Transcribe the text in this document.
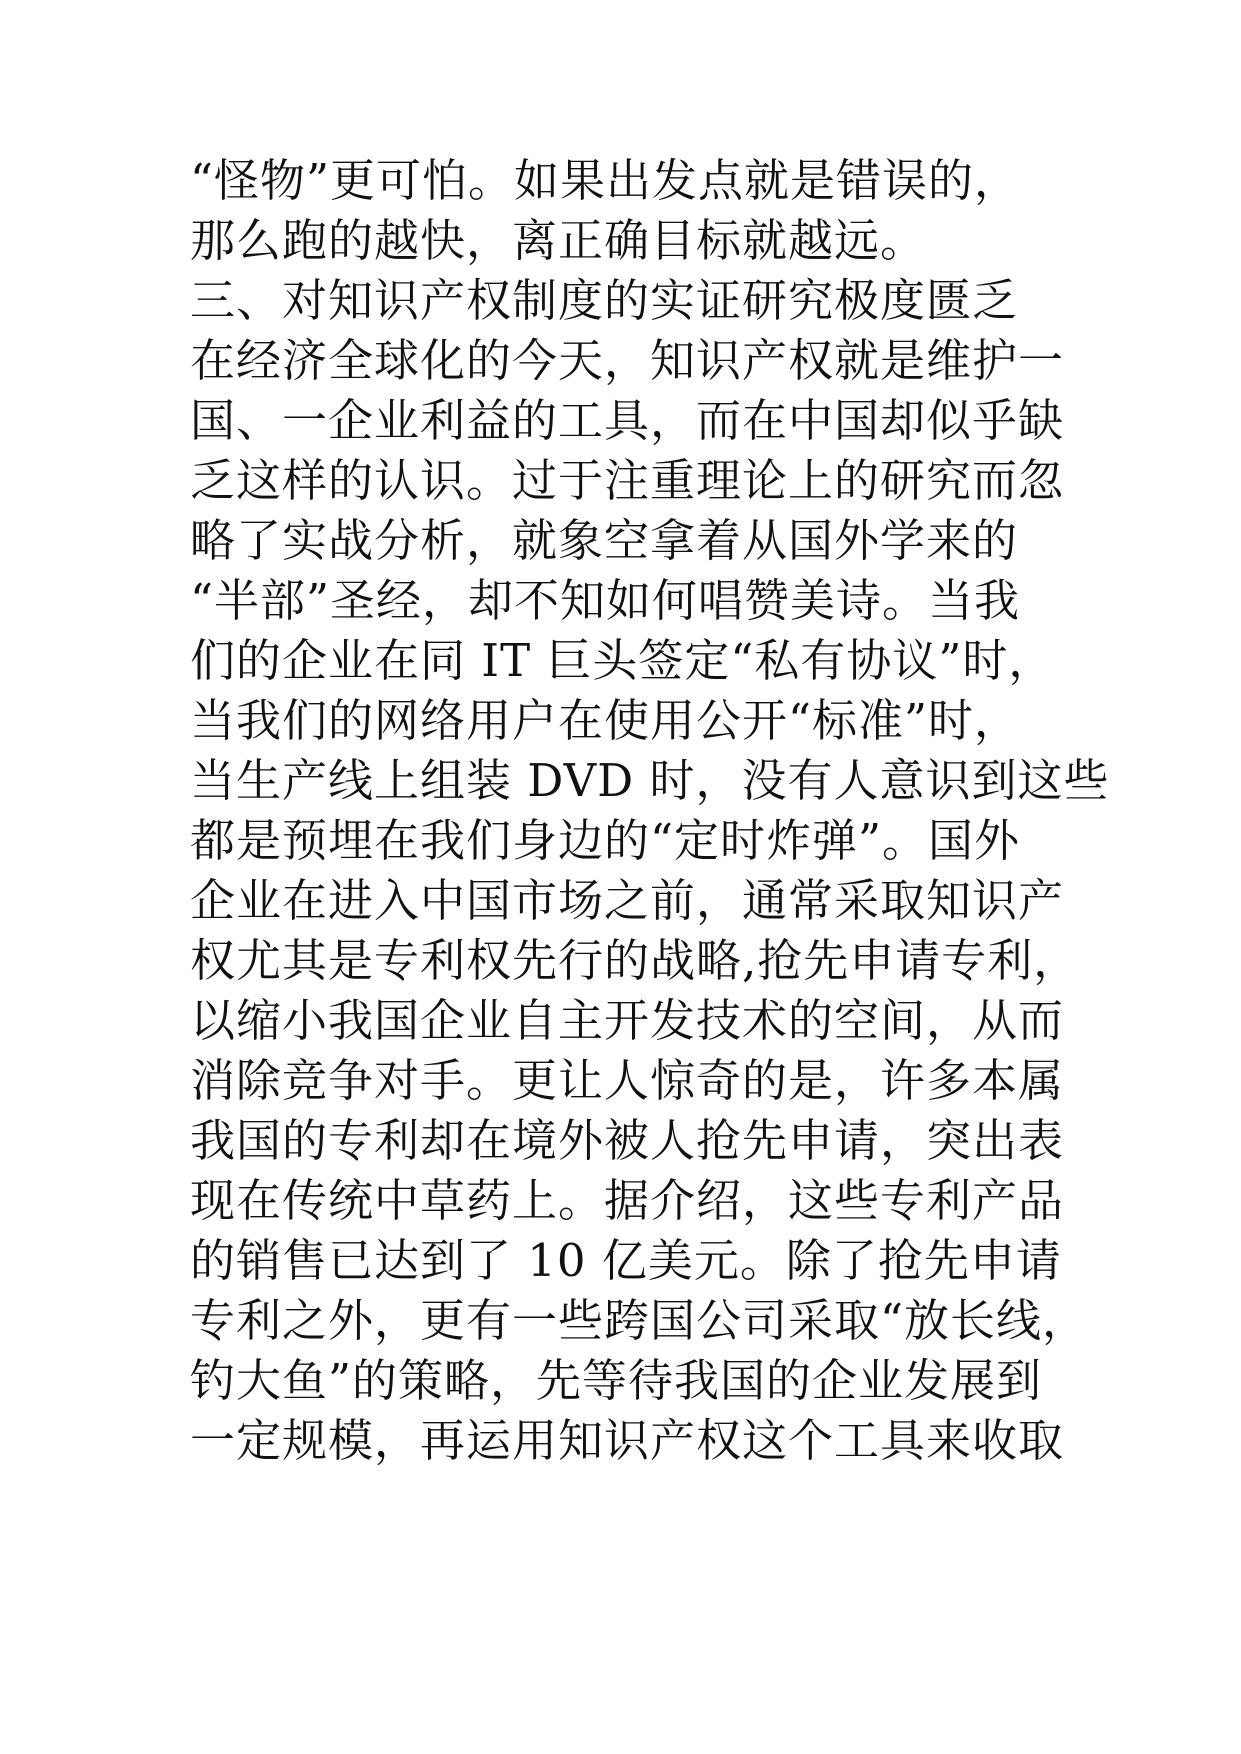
“怪物”更可怕。如果出发点就是错误的，
那么跑的越快，离正确目标就越远。
三、对知识产权制度的实证研究极度匮乏
在经济全球化的今天，知识产权就是维护一
国、一企业利益的工具，而在中国却似乎缺
乏这样的认识。过于注重理论上的研究而忽
略了实战分析，就象空拿着从国外学来的
“半部”圣经，却不知如何唱赞美诗。当我
们的企业在同 IT 巨头签定“私有协议”时，
当我们的网络用户在使用公开“标准”时，
当生产线上组装 DVD 时，没有人意识到这些
都是预埋在我们身边的“定时炸弹”。国外
企业在进入中国市场之前，通常采取知识产
权尤其是专利权先行的战略,抢先申请专利，
以缩小我国企业自主开发技术的空间，从而
消除竞争对手。更让人惊奇的是，许多本属
我国的专利却在境外被人抢先申请，突出表
现在传统中草药上。据介绍，这些专利产品
的销售已达到了 10 亿美元。除了抢先申请
专利之外，更有一些跨国公司采取“放长线，
钓大鱼”的策略，先等待我国的企业发展到
一定规模，再运用知识产权这个工具来收取
